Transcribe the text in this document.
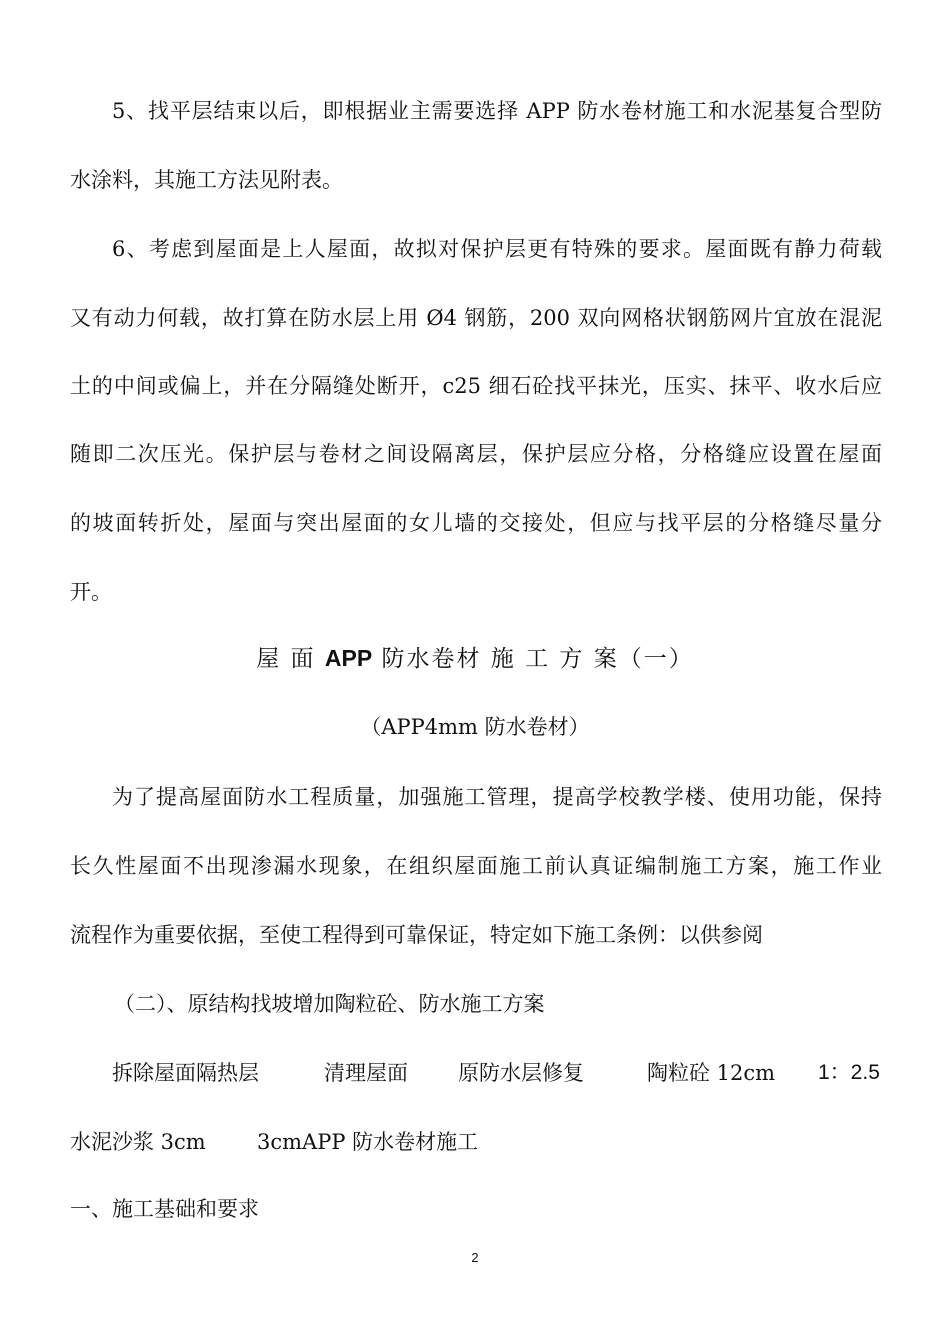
5、找平层结束以后，即根据业主需要选择 APP 防水卷材施工和水泥基复合型防
水涂料，其施工方法见附表。
6、考虑到屋面是上人屋面，故拟对保护层更有特殊的要求。屋面既有静力荷载
又有动力何载，故打算在防水层上用 Ø4 钢筋，200 双向网格状钢筋网片宜放在混泥
土的中间或偏上，并在分隔缝处断开，c25 细石砼找平抹光，压实、抹平、收水后应
随即二次压光。保护层与卷材之间设隔离层，保护层应分格，分格缝应设置在屋面
的坡面转折处，屋面与突出屋面的女儿墙的交接处，但应与找平层的分格缝尽量分
开。
屋 面 APP 防水卷材 施 工 方 案（一）
（APP4mm 防水卷材）
为了提高屋面防水工程质量，加强施工管理，提高学校教学楼、使用功能，保持
长久性屋面不出现渗漏水现象，在组织屋面施工前认真证编制施工方案，施工作业
流程作为重要依据，至使工程得到可靠保证，特定如下施工条例：以供参阅
（二）、原结构找坡增加陶粒砼、防水施工方案
拆除屋面隔热层	清理屋面 原防水层修复	陶粒砼 12cm 1：2.5
水泥沙浆 3cm 3cmAPP 防水卷材施工
一、施工基础和要求
2
